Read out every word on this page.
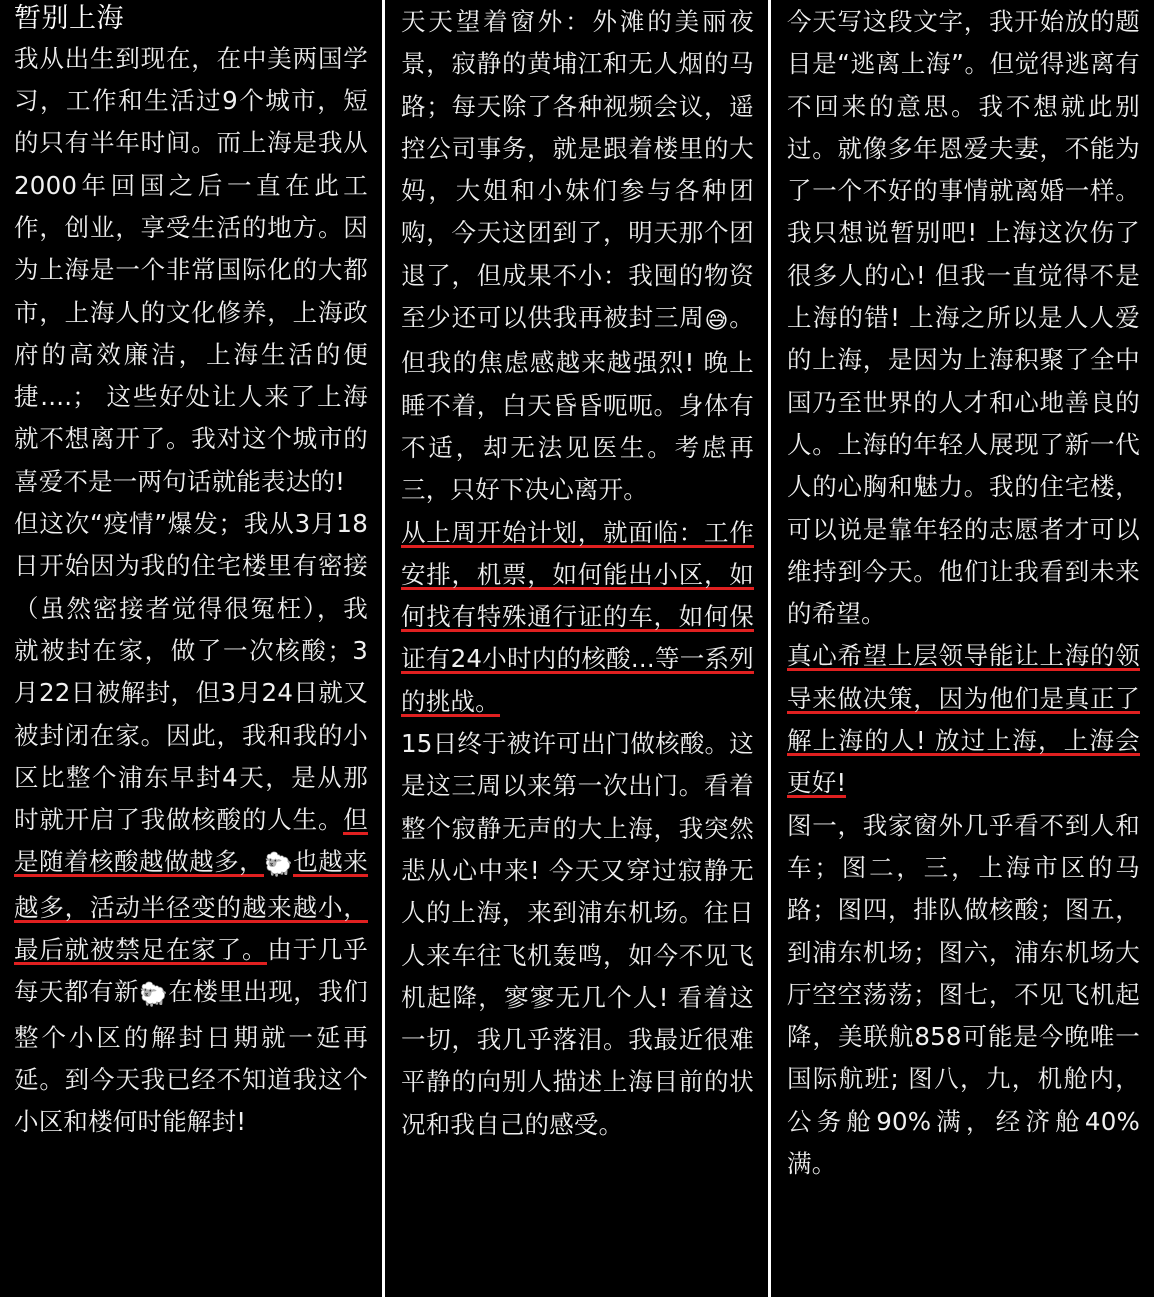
暂别上海

我从出生到现在，在中美两国学习，工作和生活过9个城市，短的只有半年时间。而上海是我从2000年回国之后一直在此工作，创业，享受生活的地方。因为上海是一个非常国际化的大都市，上海人的文化修养，上海政府的高效廉洁，上海生活的便捷....； 这些好处让人来了上海就不想离开了。我对这个城市的喜爱不是一两句话就能表达的!

但这次“疫情”爆发；我从3月18日开始因为我的住宅楼里有密接（虽然密接者觉得很冤枉），我就被封在家，做了一次核酸；3月22日被解封，但3月24日就又被封闭在家。因此，我和我的小区比整个浦东早封4天，是从那时就开启了我做核酸的人生。但是随着核酸越做越多，🐑也越来越多，活动半径变的越来越小，最后就被禁足在家了。由于几乎每天都有新🐑在楼里出现，我们整个小区的解封日期就一延再延。到今天我已经不知道我这个小区和楼何时能解封!

天天望着窗外：外滩的美丽夜景，寂静的黄埔江和无人烟的马路；每天除了各种视频会议，遥控公司事务，就是跟着楼里的大妈，大姐和小妹们参与各种团购，今天这团到了，明天那个团退了，但成果不小：我囤的物资至少还可以供我再被封三周😅。但我的焦虑感越来越强烈! 晚上睡不着，白天昏昏呃呃。身体有不适，却无法见医生。考虑再三，只好下决心离开。

从上周开始计划，就面临：工作安排，机票，如何能出小区，如何找有特殊通行证的车，如何保证有24小时内的核酸...等一系列的挑战。

15日终于被许可出门做核酸。这是这三周以来第一次出门。看着整个寂静无声的大上海，我突然悲从心中来! 今天又穿过寂静无人的上海，来到浦东机场。往日人来车往飞机轰鸣，如今不见飞机起降，寥寥无几个人! 看着这一切，我几乎落泪。我最近很难平静的向别人描述上海目前的状况和我自己的感受。

今天写这段文字，我开始放的题目是“逃离上海”。但觉得逃离有不回来的意思。我不想就此别过。就像多年恩爱夫妻，不能为了一个不好的事情就离婚一样。我只想说暂别吧! 上海这次伤了很多人的心! 但我一直觉得不是上海的错! 上海之所以是人人爱的上海，是因为上海积聚了全中国乃至世界的人才和心地善良的人。上海的年轻人展现了新一代人的心胸和魅力。我的住宅楼，可以说是靠年轻的志愿者才可以维持到今天。他们让我看到未来的希望。

真心希望上层领导能让上海的领导来做决策，因为他们是真正了解上海的人! 放过上海，上海会更好!

图一，我家窗外几乎看不到人和车；图二，三，上海市区的马路；图四，排队做核酸；图五，到浦东机场；图六，浦东机场大厅空空荡荡；图七，不见飞机起降，美联航858可能是今晚唯一国际航班; 图八，九，机舱内，公务舱90%满，经济舱40%满。
